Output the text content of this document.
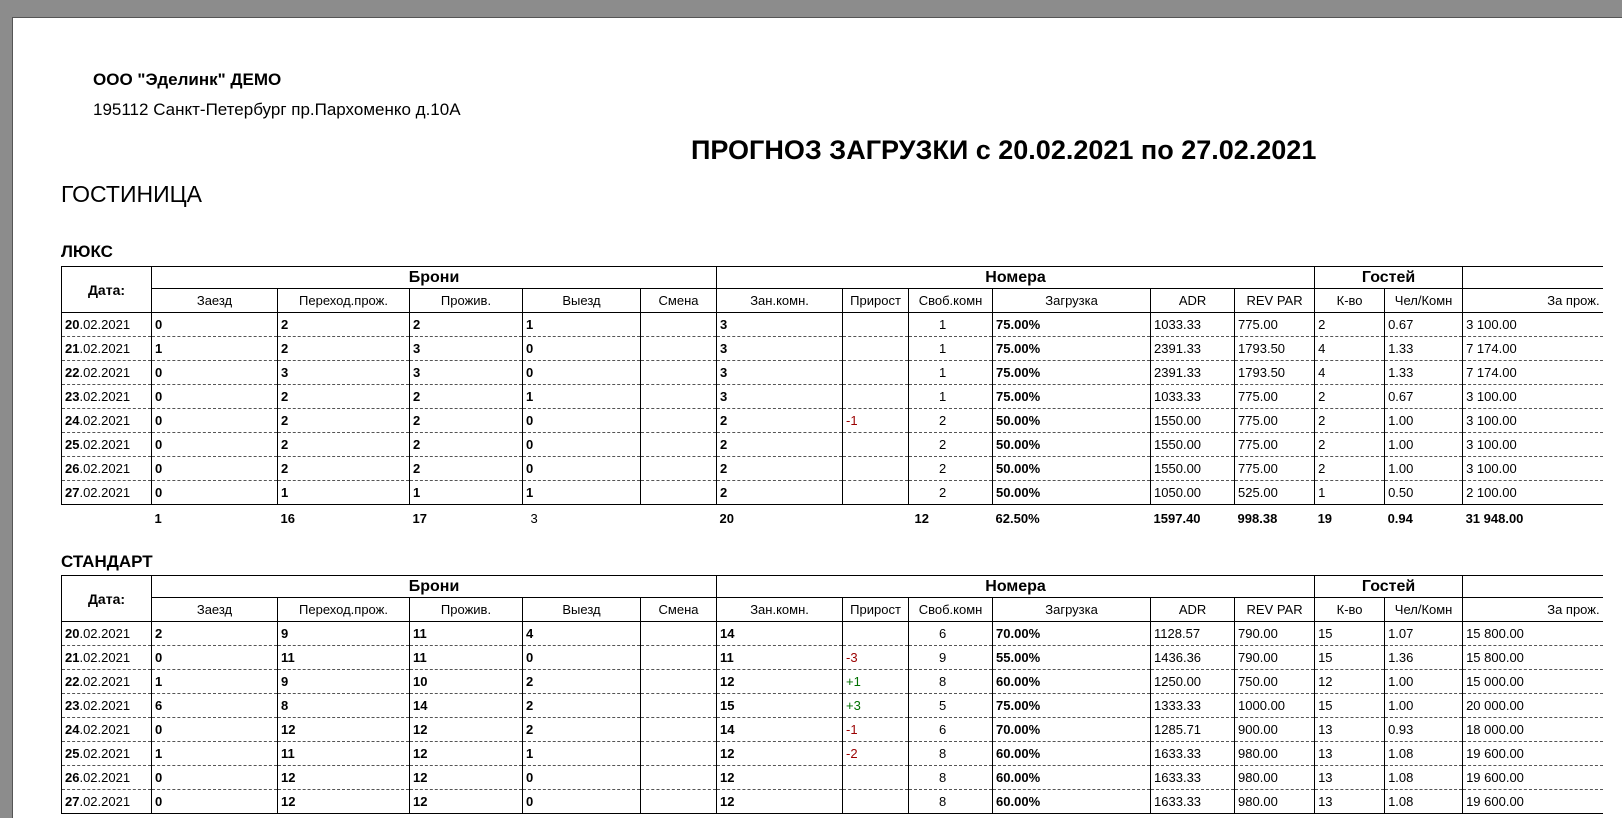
ООО "Эделинк" ДЕМО
195112 Санкт-Петербург пр.Пархоменко д.10А
ПРОГНОЗ ЗАГРУЗКИ с 20.02.2021 по 27.02.2021
ГОСТИНИЦА
ЛЮКС
Дата:	Брони					Номера						Гостей		
	Заезд	Переход.прож.	Прожив.	Выезд	Смена	Зан.комн.	Прирост	Своб.комн	Загрузка	ADR	REV PAR	К-во	Чел/Комн	За прож.
20.02.2021	0	2	2	1		3		1	75.00%	1033.33	775.00	2	0.67	3 100.00
21.02.2021	1	2	3	0		3		1	75.00%	2391.33	1793.50	4	1.33	7 174.00
22.02.2021	0	3	3	0		3		1	75.00%	2391.33	1793.50	4	1.33	7 174.00
23.02.2021	0	2	2	1		3		1	75.00%	1033.33	775.00	2	0.67	3 100.00
24.02.2021	0	2	2	0		2	-1	2	50.00%	1550.00	775.00	2	1.00	3 100.00
25.02.2021	0	2	2	0		2		2	50.00%	1550.00	775.00	2	1.00	3 100.00
26.02.2021	0	2	2	0		2		2	50.00%	1550.00	775.00	2	1.00	3 100.00
27.02.2021	0	1	1	1		2		2	50.00%	1050.00	525.00	1	0.50	2 100.00
	1	16	17	3		20		12	62.50%	1597.40	998.38	19	0.94	31 948.00
СТАНДАРТ
Дата:	Брони					Номера						Гостей		
	Заезд	Переход.прож.	Прожив.	Выезд	Смена	Зан.комн.	Прирост	Своб.комн	Загрузка	ADR	REV PAR	К-во	Чел/Комн	За прож.
20.02.2021	2	9	11	4		14		6	70.00%	1128.57	790.00	15	1.07	15 800.00
21.02.2021	0	11	11	0		11	-3	9	55.00%	1436.36	790.00	15	1.36	15 800.00
22.02.2021	1	9	10	2		12	+1	8	60.00%	1250.00	750.00	12	1.00	15 000.00
23.02.2021	6	8	14	2		15	+3	5	75.00%	1333.33	1000.00	15	1.00	20 000.00
24.02.2021	0	12	12	2		14	-1	6	70.00%	1285.71	900.00	13	0.93	18 000.00
25.02.2021	1	11	12	1		12	-2	8	60.00%	1633.33	980.00	13	1.08	19 600.00
26.02.2021	0	12	12	0		12		8	60.00%	1633.33	980.00	13	1.08	19 600.00
27.02.2021	0	12	12	0		12		8	60.00%	1633.33	980.00	13	1.08	19 600.00
